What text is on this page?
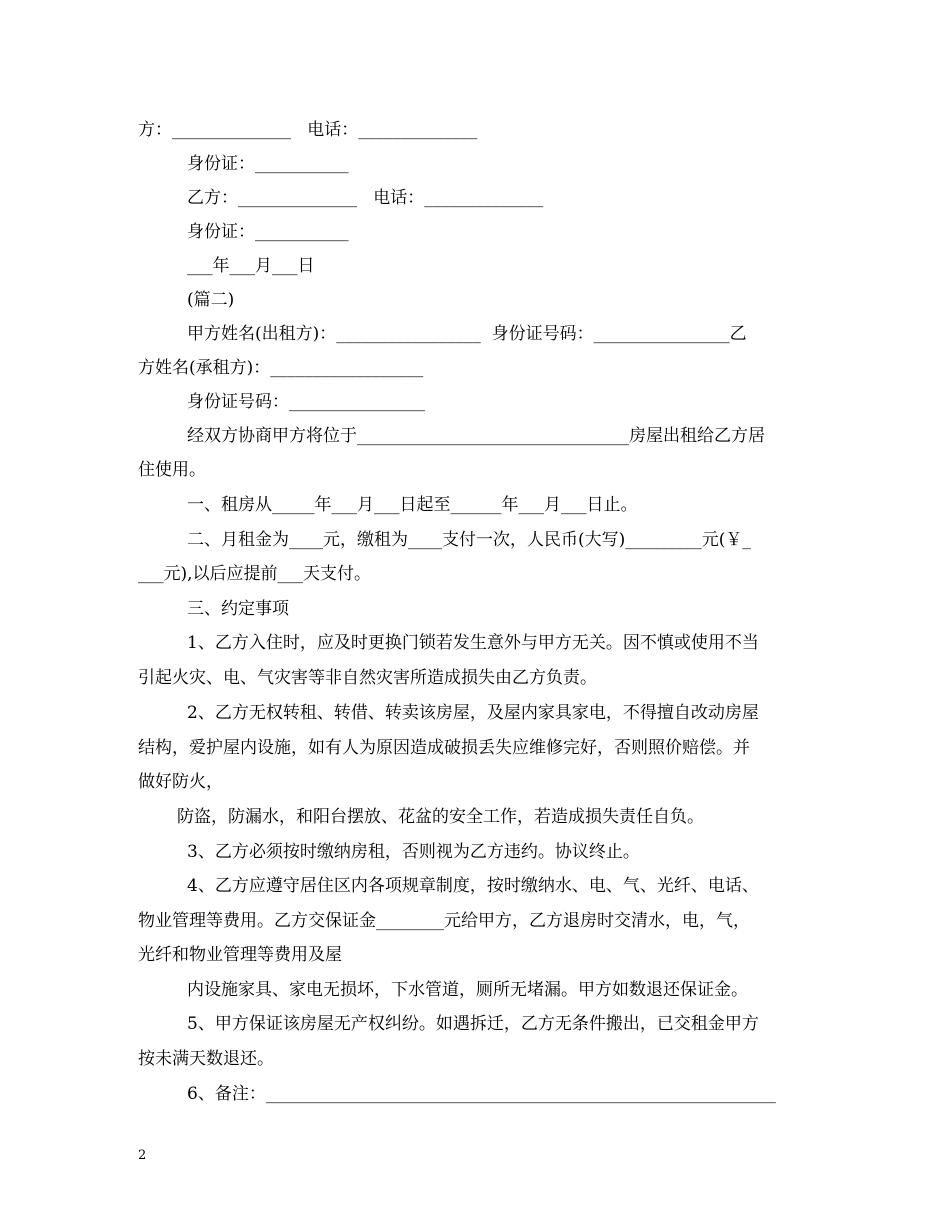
方：______________   电话：______________
身份证：___________
乙方：______________   电话：______________
身份证：___________
___年___月___日
(篇二)
甲方姓名(出租方)：_________________  身份证号码：________________乙
方姓名(承租方)：__________________
身份证号码：________________
经双方协商甲方将位于________________________________房屋出租给乙方居
住使用。
一、租房从_____年___月___日起至______年___月___日止。
二、月租金为____元，缴租为____支付一次，人民币(大写)_________元(￥_
___元),以后应提前___天支付。
三、约定事项
1、乙方入住时，应及时更换门锁若发生意外与甲方无关。因不慎或使用不当
引起火灾、电、气灾害等非自然灾害所造成损失由乙方负责。
2、乙方无权转租、转借、转卖该房屋，及屋内家具家电，不得擅自改动房屋
结构，爱护屋内设施，如有人为原因造成破损丢失应维修完好，否则照价赔偿。并
做好防火，
防盗，防漏水，和阳台摆放、花盆的安全工作，若造成损失责任自负。
3、乙方必须按时缴纳房租，否则视为乙方违约。协议终止。
4、乙方应遵守居住区内各项规章制度，按时缴纳水、电、气、光纤、电话、
物业管理等费用。乙方交保证金________元给甲方，乙方退房时交清水，电，气，
光纤和物业管理等费用及屋
内设施家具、家电无损坏，下水管道，厕所无堵漏。甲方如数退还保证金。
5、甲方保证该房屋无产权纠纷。如遇拆迁，乙方无条件搬出，已交租金甲方
按未满天数退还。
6、备注：____________________________________________________________
2
